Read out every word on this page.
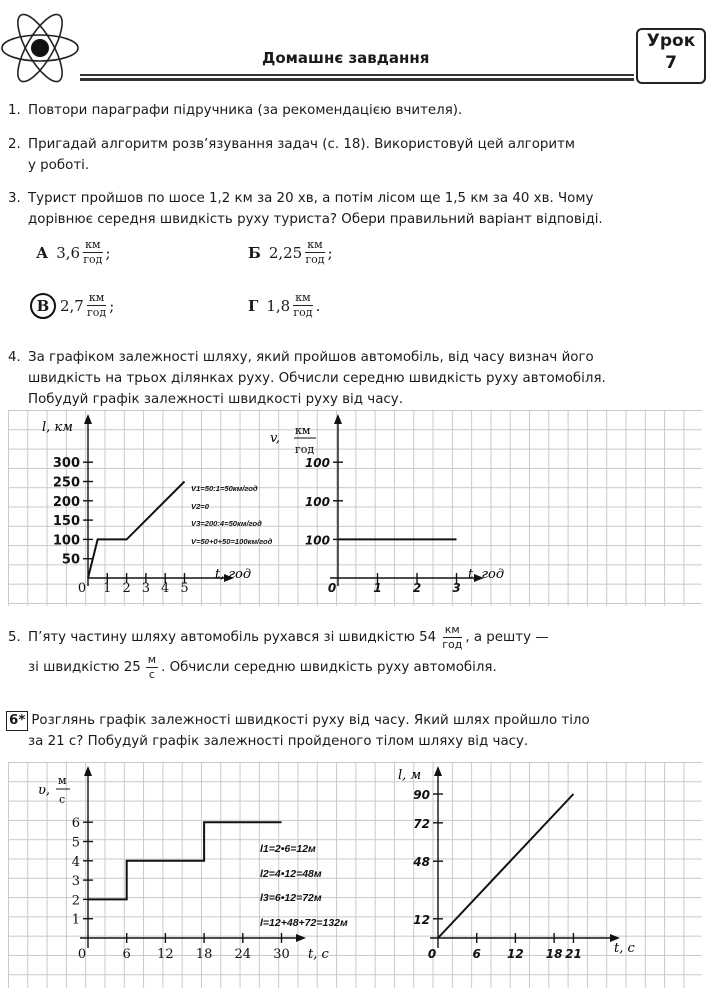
Домашнє завдання
Урок
7
1. Повтори параграфи підручника (за рекомендацією вчителя).
2. Пригадай алгоритм розв’язування задач (с. 18). Використовуй цей алгоритм
у роботі.
3. Турист пройшов по шосе 1,2 км за 20 хв, а потім лісом ще 1,5 км за 40 хв. Чому
дорівнює середня швидкість руху туриста? Обери правильний варіант відповіді.
А $3,6 \frac{км}{\text{год}}$ ;	Б $2,25 \frac{км}{\text{год}}$ ;
В $2,7 \frac{км}{\text{год}}$ ;	Г $1,8 \frac{км}{\text{год}}$ .
4. За графіком залежності шляху, який пройшов автомобіль, від часу визнач його
швидкість на трьох ділянках руху. Обчисли середню швидкість руху автомобіля.
Побудуй графік залежності швидкості руху від часу.
0 1 2 3 4 5
50
100
150
200
250
300
0	1	2	3
100
100
100
l, км
t, год
v,
км
год
t, год
V1=50:1=50км/год
V2=0
V3=200:4=50км/год
V=50+0+50=100км/год
5. П’яту частину шляху автомобіль рухався зі швидкістю $54 \frac{км}{\text{год}}$ , а решту —
зі швидкістю $25 \frac{м}{с}$ . Обчисли середню швидкість руху автомобіля.
6* Розглянь графік залежності швидкості руху від часу. Який шлях пройшло тіло
за 21 с? Побудуй графік залежності пройденого тілом шляху від часу.
0	6 12 18 24 30
1
2
3
4
5
6
0	6 12 18 21
12
48
72
90
υ,
м
с
t, с
l, м
t, с
l1=2•6=12м
l2=4•12=48м
l3=6•12=72м
l=12+48+72=132м
